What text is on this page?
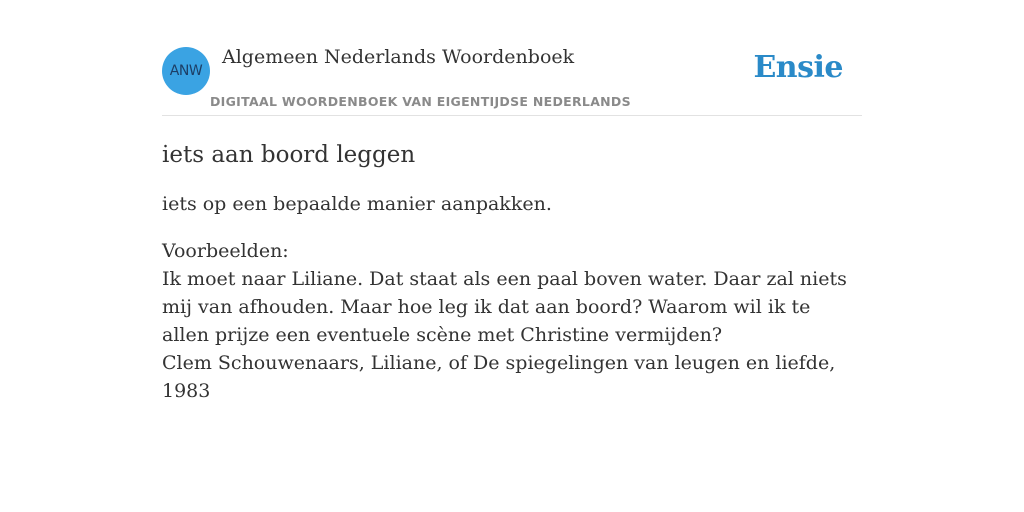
ANW
Algemeen Nederlands Woordenboek
DIGITAAL WOORDENBOEK VAN EIGENTIJDSE NEDERLANDS
Ensie
iets aan boord leggen

iets op een bepaalde manier aanpakken.

Voorbeelden:
Ik moet naar Liliane. Dat staat als een paal boven water. Daar zal niets mij van afhouden. Maar hoe leg ik dat aan boord? Waarom wil ik te allen prijze een eventuele scène met Christine vermijden?
Clem Schouwenaars, Liliane, of De spiegelingen van leugen en liefde, 1983
